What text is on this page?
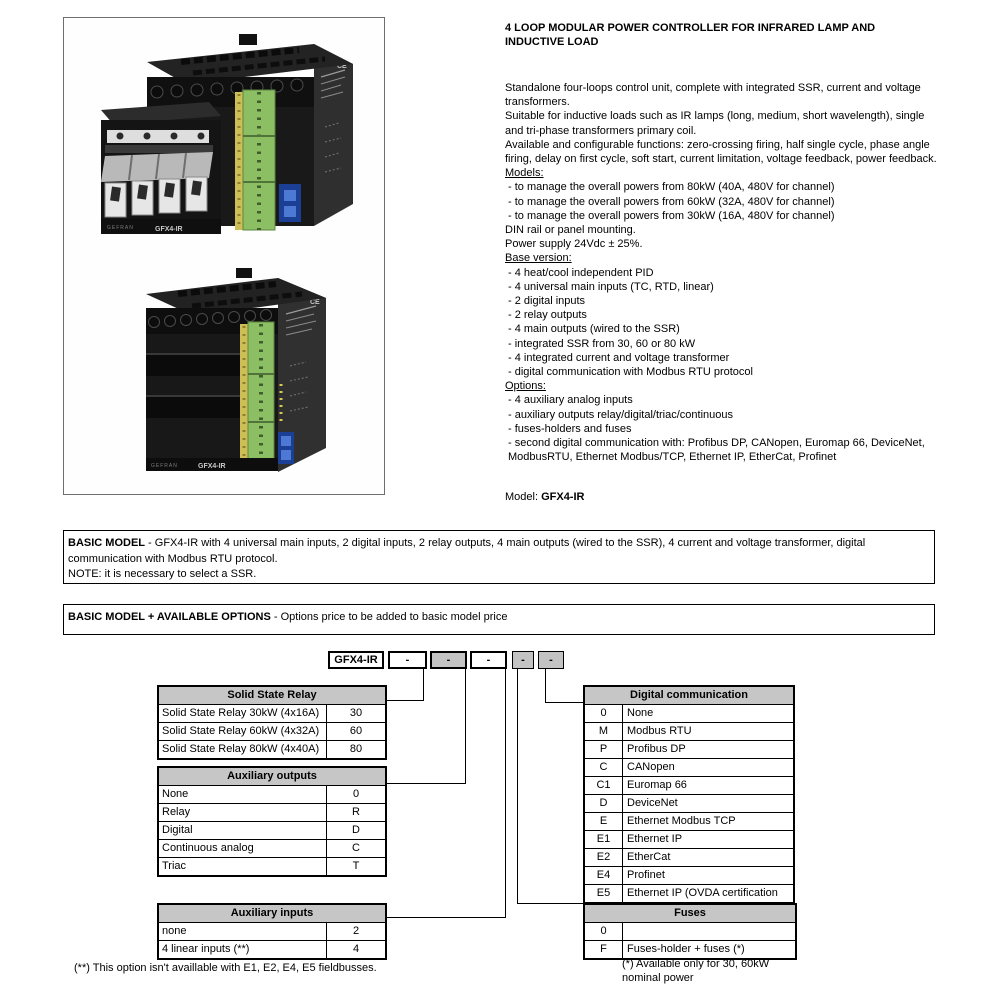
CE
GEFRAN	GFX4-IR
CE
GEFRAN	GFX4-IR
4 LOOP MODULAR POWER CONTROLLER FOR INFRARED LAMP AND INDUCTIVE LOAD
Standalone four-loops control unit, complete with integrated SSR, current and voltage transformers.
Suitable for inductive loads such as IR lamps (long, medium, short wavelength), single and tri-phase transformers primary coil.
Available and configurable functions: zero-crossing firing, half single cycle, phase angle firing, delay on first cycle, soft start, current limitation, voltage feedback, power feedback.
Models:
- to manage the overall powers from 80kW (40A, 480V for channel)
- to manage the overall powers from 60kW (32A, 480V for channel)
- to manage the overall powers from 30kW (16A, 480V for channel)
DIN rail or panel mounting.
Power supply 24Vdc ± 25%.
Base version:
- 4 heat/cool independent PID
- 4 universal main inputs (TC, RTD, linear)
- 2 digital inputs
- 2 relay outputs
- 4 main outputs (wired to the SSR)
- integrated SSR from 30, 60 or 80 kW
- 4 integrated current and voltage transformer
- digital communication with Modbus RTU protocol
Options:
- 4 auxiliary analog inputs
- auxiliary outputs relay/digital/triac/continuous
- fuses-holders and fuses
- second digital communication with: Profibus DP, CANopen, Euromap 66, DeviceNet, ModbusRTU, Ethernet Modbus/TCP, Ethernet IP, EtherCat, Profinet
Model: GFX4-IR
BASIC MODEL - GFX4-IR with 4 universal main inputs, 2 digital inputs, 2 relay outputs, 4 main outputs (wired to the SSR), 4 current and voltage transformer, digital communication with Modbus RTU protocol.
NOTE: it is necessary to select a SSR.
BASIC MODEL + AVAILABLE OPTIONS - Options price to be added to basic model price
GFX4-IR	-	-	-	-	-
Solid State Relay
Solid State Relay 30kW (4x16A)	30
Solid State Relay 60kW (4x32A)	60
Solid State Relay 80kW (4x40A)	80
Auxiliary outputs
None	0
Relay	R
Digital	D
Continuous analog	C
Triac	T
Auxiliary inputs
none	2
4 linear inputs (**)	4
Digital communication
0	None
M	Modbus RTU
P	Profibus DP
C	CANopen
C1	Euromap 66
D	DeviceNet
E	Ethernet Modbus TCP
E1	Ethernet IP
E2	EtherCat
E4	Profinet
E5	Ethernet IP (OVDA certification
Fuses
0
F	Fuses-holder + fuses (*)
(**) This option isn't availlable with E1, E2, E4, E5 fieldbusses.	(*) Available only for 30, 60kW
nominal power
